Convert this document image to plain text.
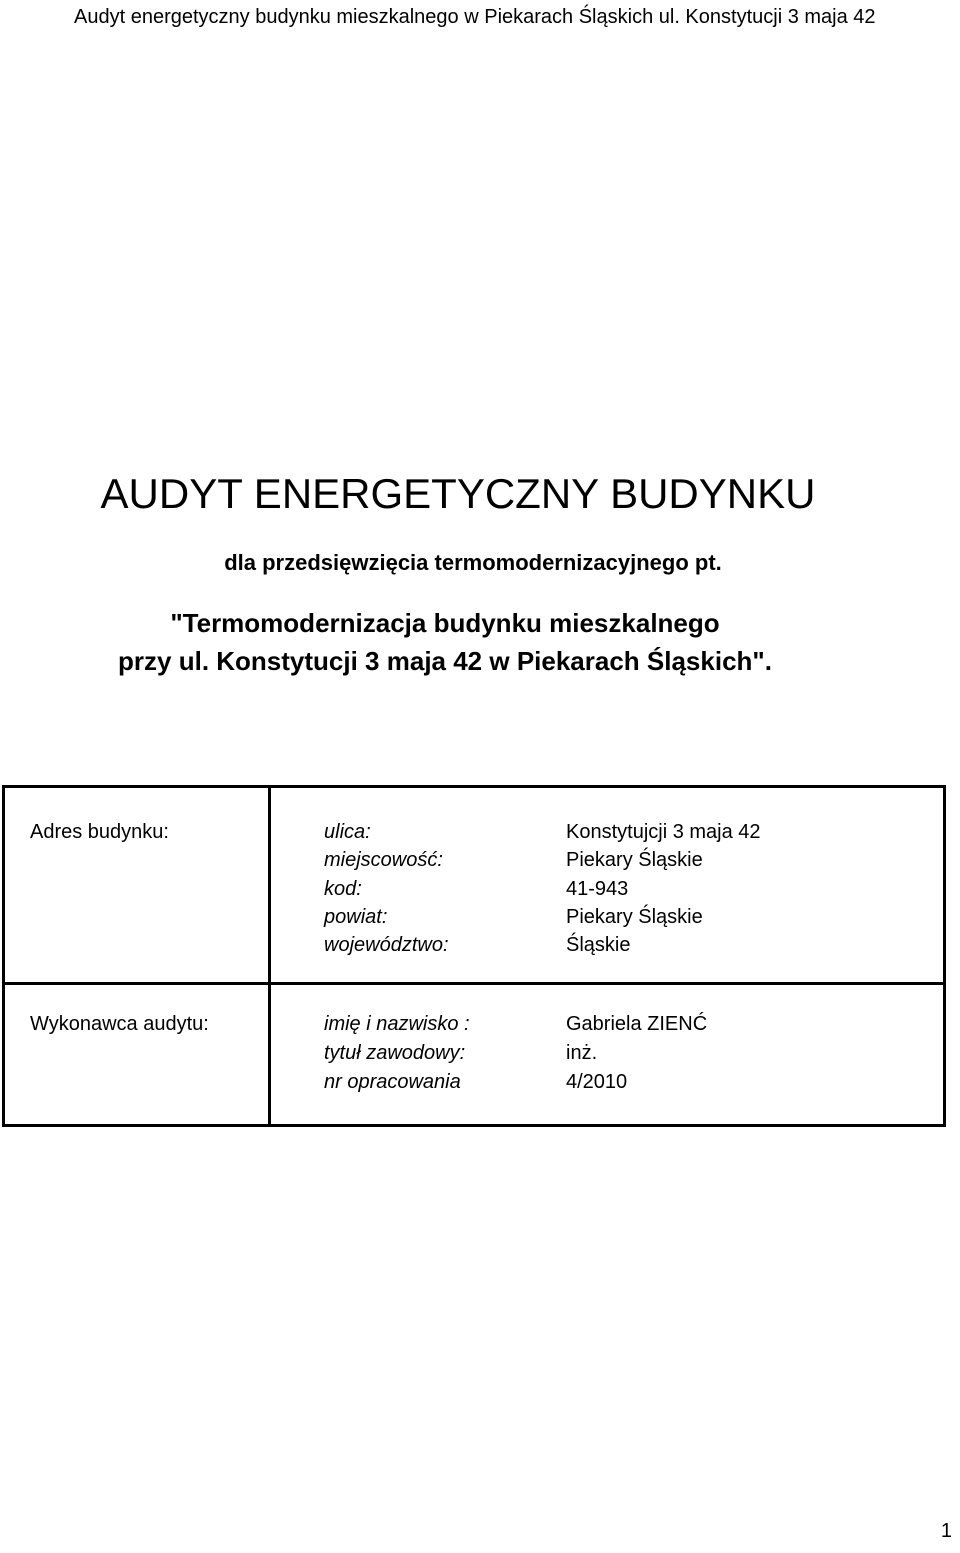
Audyt energetyczny budynku mieszkalnego w Piekarach Śląskich ul. Konstytucji 3 maja 42
AUDYT ENERGETYCZNY BUDYNKU
dla przedsięwzięcia termomodernizacyjnego pt.
"Termomodernizacja budynku mieszkalnego
przy ul. Konstytucji 3 maja 42 w Piekarach Śląskich".
Adres budynku:	ulica:	Konstytujcji 3 maja 42
miejscowość:	Piekary Śląskie
kod:	41-943
powiat:	Piekary Śląskie
województwo:	Śląskie
Wykonawca audytu:	imię i nazwisko :	Gabriela ZIENĆ
tytuł zawodowy:	inż.
nr opracowania	4/2010
1
